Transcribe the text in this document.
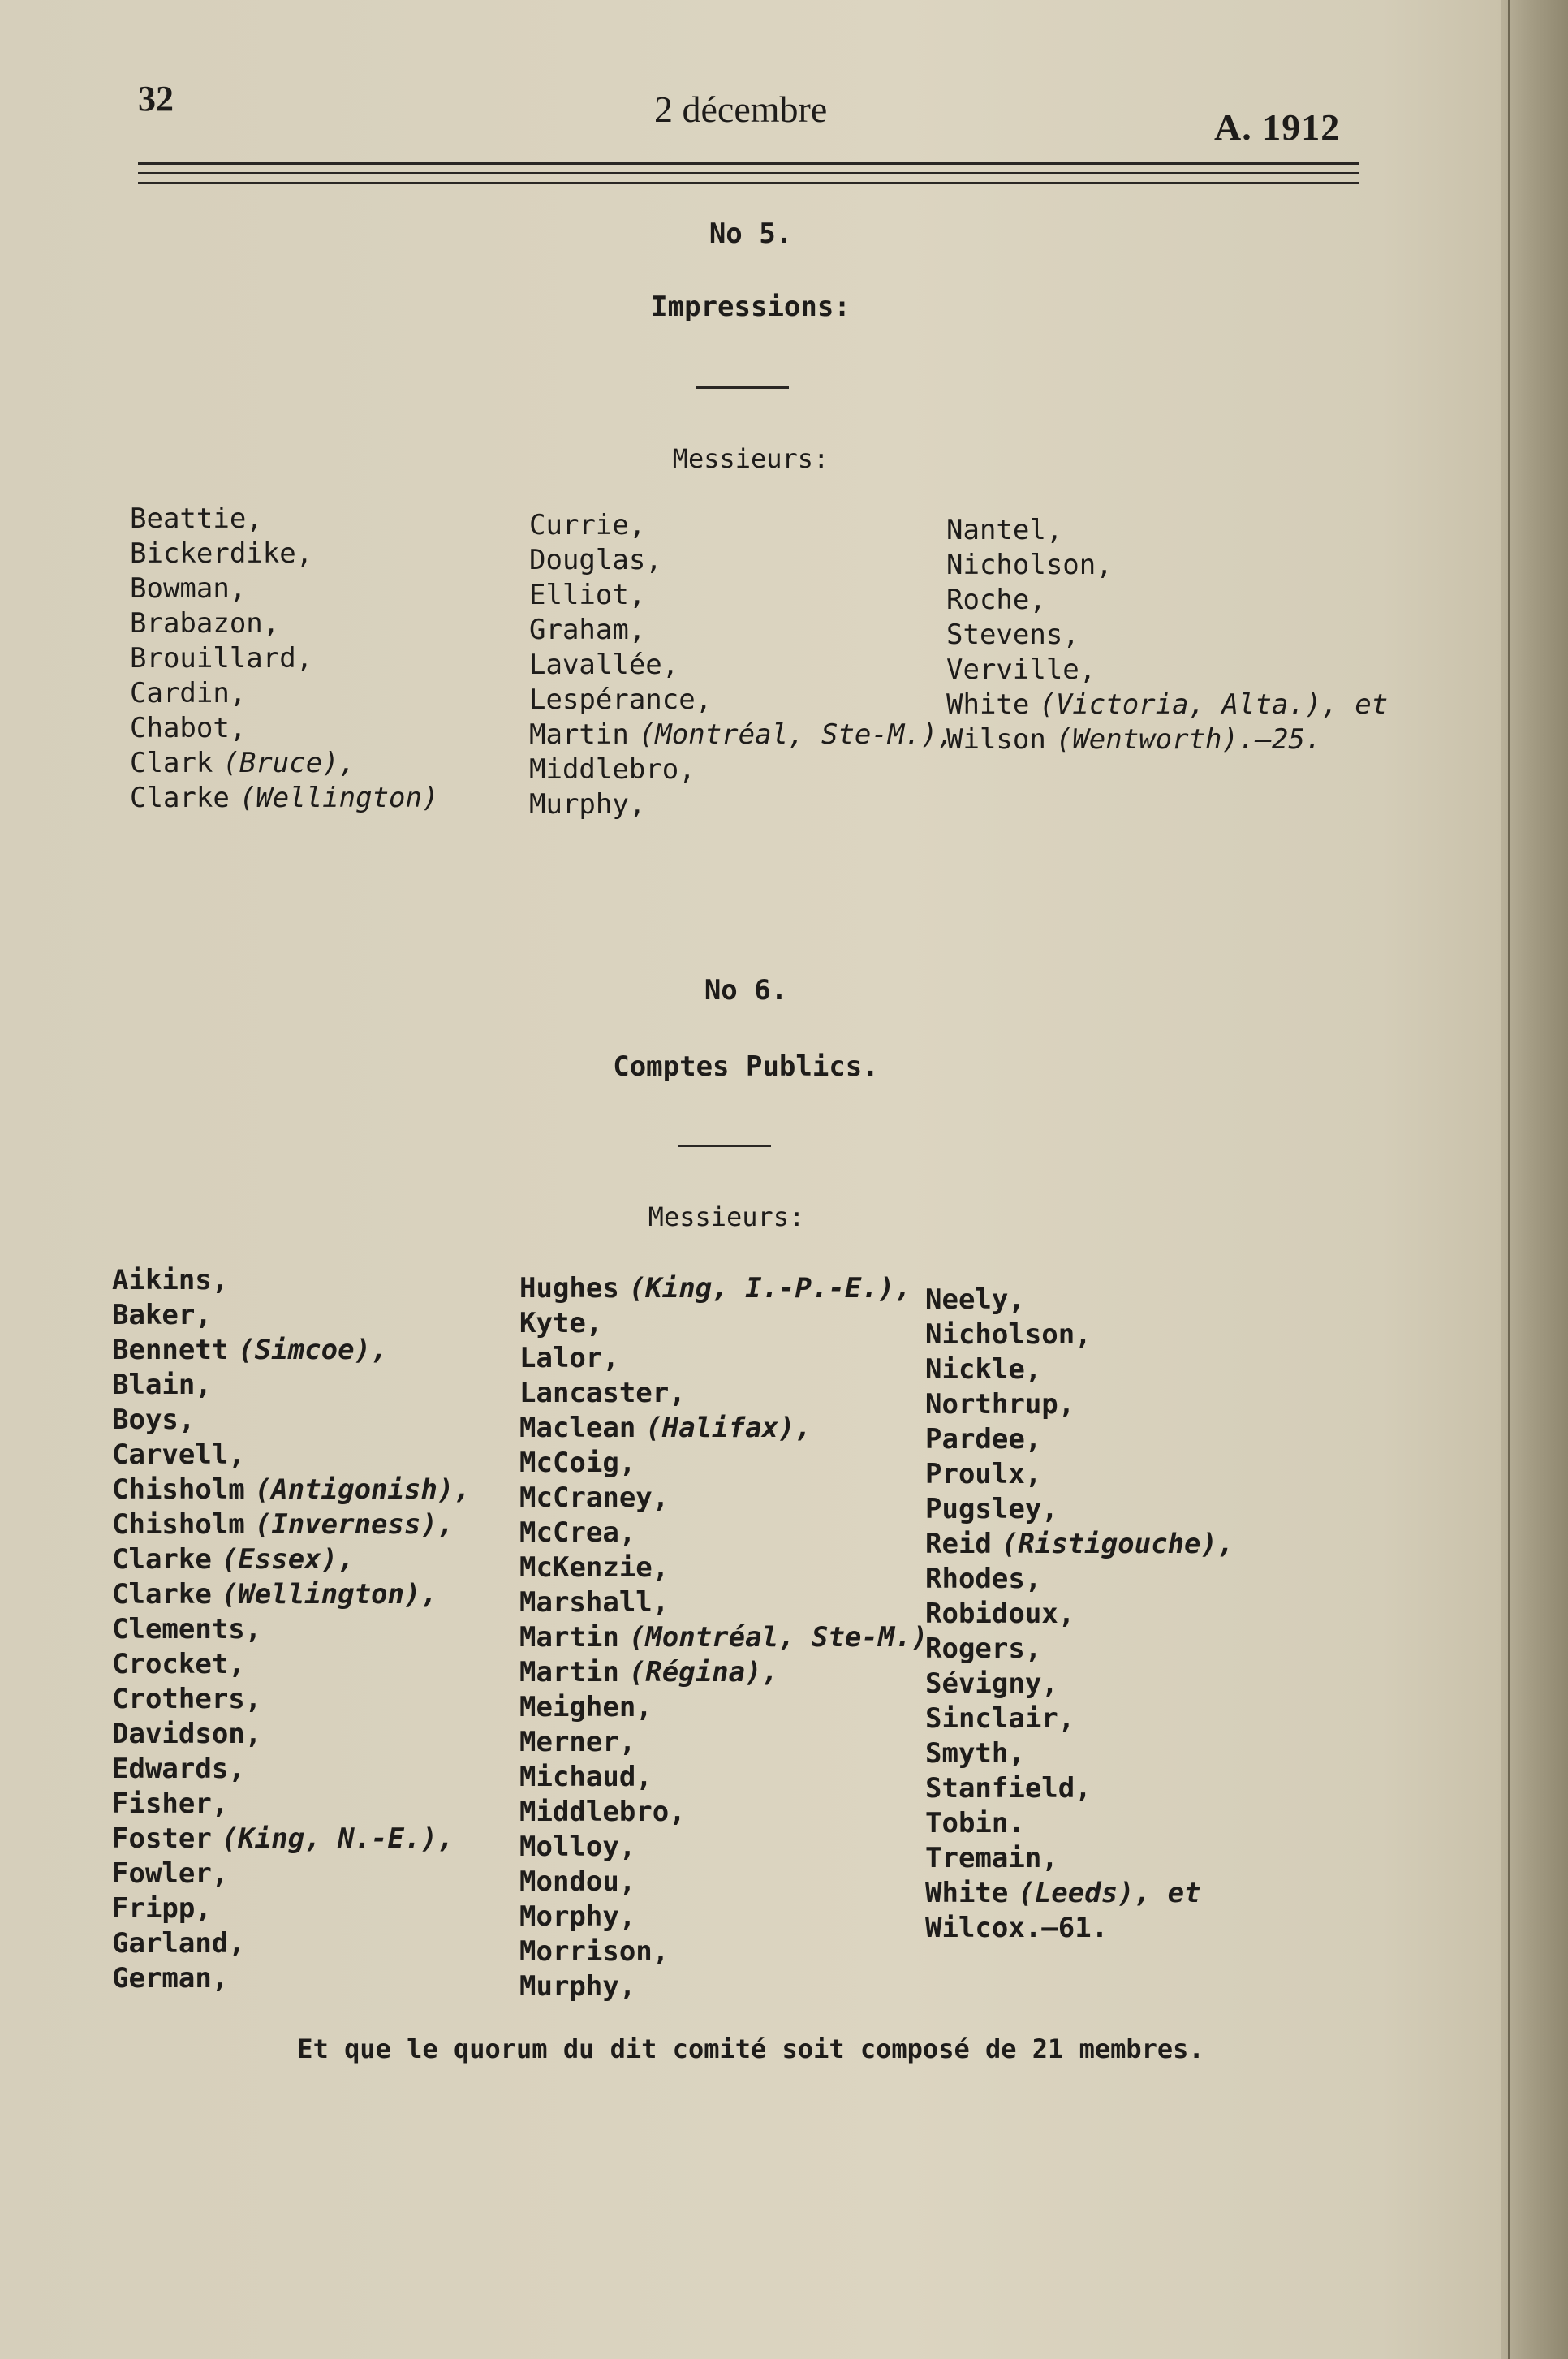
32	2 décembre	A. 1912
No 5.
Impressions:
Messieurs:
Beattie,
Bickerdike,
Bowman,
Brabazon,
Brouillard,
Cardin,
Chabot,
Clark (Bruce),
Clarke (Wellington)
Currie,
Douglas,
Elliot,
Graham,
Lavallée,
Lespérance,
Martin (Montréal, Ste-M.),
Middlebro,
Murphy,
Nantel,
Nicholson,
Roche,
Stevens,
Verville,
White (Victoria, Alta.), et
Wilson (Wentworth).—25.
No 6.
Comptes Publics.
Messieurs:
Aikins,
Baker,
Bennett (Simcoe),
Blain,
Boys,
Carvell,
Chisholm (Antigonish),
Chisholm (Inverness),
Clarke (Essex),
Clarke (Wellington),
Clements,
Crocket,
Crothers,
Davidson,
Edwards,
Fisher,
Foster (King, N.-E.),
Fowler,
Fripp,
Garland,
German,
Hughes (King, I.-P.-E.),
Kyte,
Lalor,
Lancaster,
Maclean (Halifax),
McCoig,
McCraney,
McCrea,
McKenzie,
Marshall,
Martin (Montréal, Ste-M.)
Martin (Régina),
Meighen,
Merner,
Michaud,
Middlebro,
Molloy,
Mondou,
Morphy,
Morrison,
Murphy,
Neely,
Nicholson,
Nickle,
Northrup,
Pardee,
Proulx,
Pugsley,
Reid (Ristigouche),
Rhodes,
Robidoux,
Rogers,
Sévigny,
Sinclair,
Smyth,
Stanfield,
Tobin.
Tremain,
White (Leeds), et
Wilcox.—61.
Et que le quorum du dit comité soit composé de 21 membres.
